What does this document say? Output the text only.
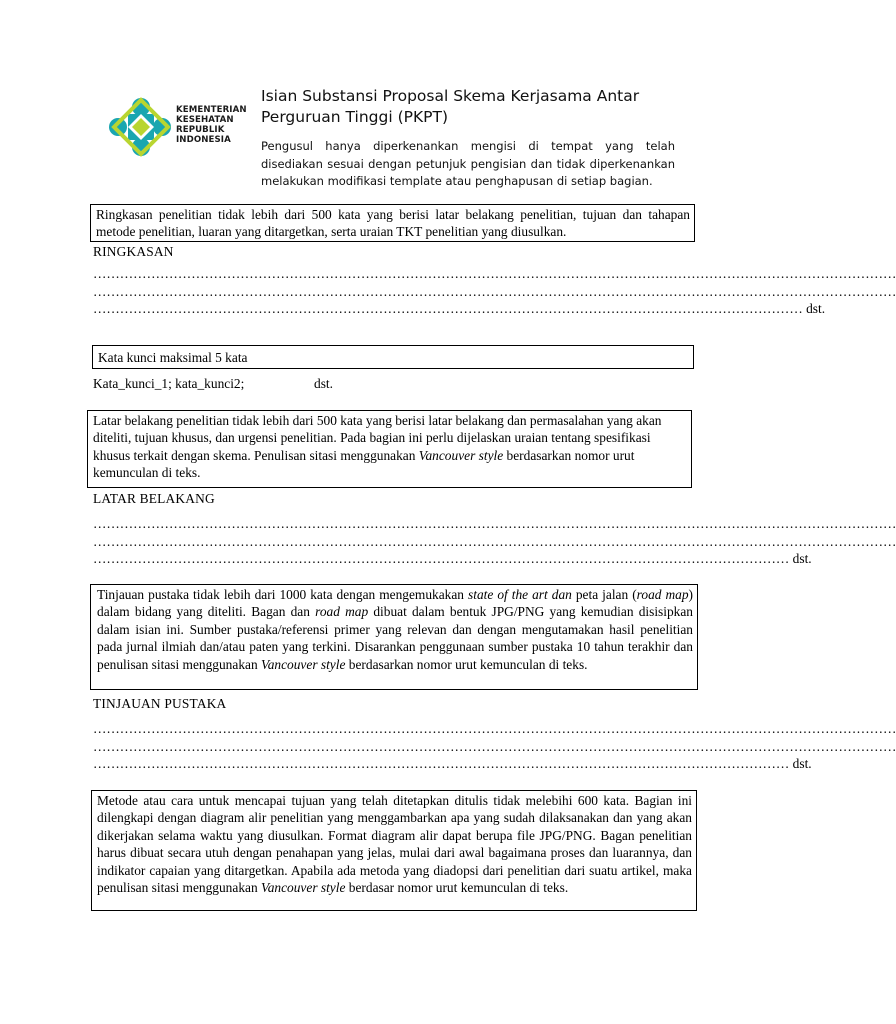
KEMENTERIAN
KESEHATAN
REPUBLIK
INDONESIA
Isian Substansi Proposal Skema Kerjasama Antar Perguruan Tinggi (PKPT)
Pengusul hanya diperkenankan mengisi di tempat yang telah disediakan sesuai dengan petunjuk pengisian dan tidak diperkenankan melakukan modifikasi template atau penghapusan di setiap bagian.
Ringkasan penelitian tidak lebih dari 500 kata yang berisi latar belakang penelitian, tujuan dan tahapan metode penelitian, luaran yang ditargetkan, serta uraian TKT penelitian yang diusulkan.
RINGKASAN
………………………………………………………………………………………………………………………………………………………………
………………………………………………………………………………………………………………………………………………………………
…………………………………………………………………………………………………………………………………………… dst.
Kata kunci maksimal 5 kata
Kata_kunci_1; kata_kunci2;	dst.
Latar belakang penelitian tidak lebih dari 500 kata yang berisi latar belakang dan permasalahan yang akan diteliti, tujuan khusus, dan urgensi penelitian. Pada bagian ini perlu dijelaskan uraian tentang spesifikasi khusus terkait dengan skema. Penulisan sitasi menggunakan Vancouver style berdasarkan nomor urut kemunculan di teks.
LATAR BELAKANG
………………………………………………………………………………………………………………………………………………………………
………………………………………………………………………………………………………………………………………………………………
………………………………………………………………………………………………………………………………………… dst.
Tinjauan pustaka tidak lebih dari 1000 kata dengan mengemukakan state of the art dan peta jalan (road map) dalam bidang yang diteliti. Bagan dan road map dibuat dalam bentuk JPG/PNG yang kemudian disisipkan dalam isian ini. Sumber pustaka/referensi primer yang relevan dan dengan mengutamakan hasil penelitian pada jurnal ilmiah dan/atau paten yang terkini. Disarankan penggunaan sumber pustaka 10 tahun terakhir dan penulisan sitasi menggunakan Vancouver style berdasarkan nomor urut kemunculan di teks.
TINJAUAN PUSTAKA
………………………………………………………………………………………………………………………………………………………………
………………………………………………………………………………………………………………………………………………………………
………………………………………………………………………………………………………………………………………… dst.
Metode atau cara untuk mencapai tujuan yang telah ditetapkan ditulis tidak melebihi 600 kata. Bagian ini dilengkapi dengan diagram alir penelitian yang menggambarkan apa yang sudah dilaksanakan dan yang akan dikerjakan selama waktu yang diusulkan. Format diagram alir dapat berupa file JPG/PNG. Bagan penelitian harus dibuat secara utuh dengan penahapan yang jelas, mulai dari awal bagaimana proses dan luarannya, dan indikator capaian yang ditargetkan. Apabila ada metoda yang diadopsi dari penelitian dari suatu artikel, maka penulisan sitasi menggunakan Vancouver style berdasar nomor urut kemunculan di teks.
